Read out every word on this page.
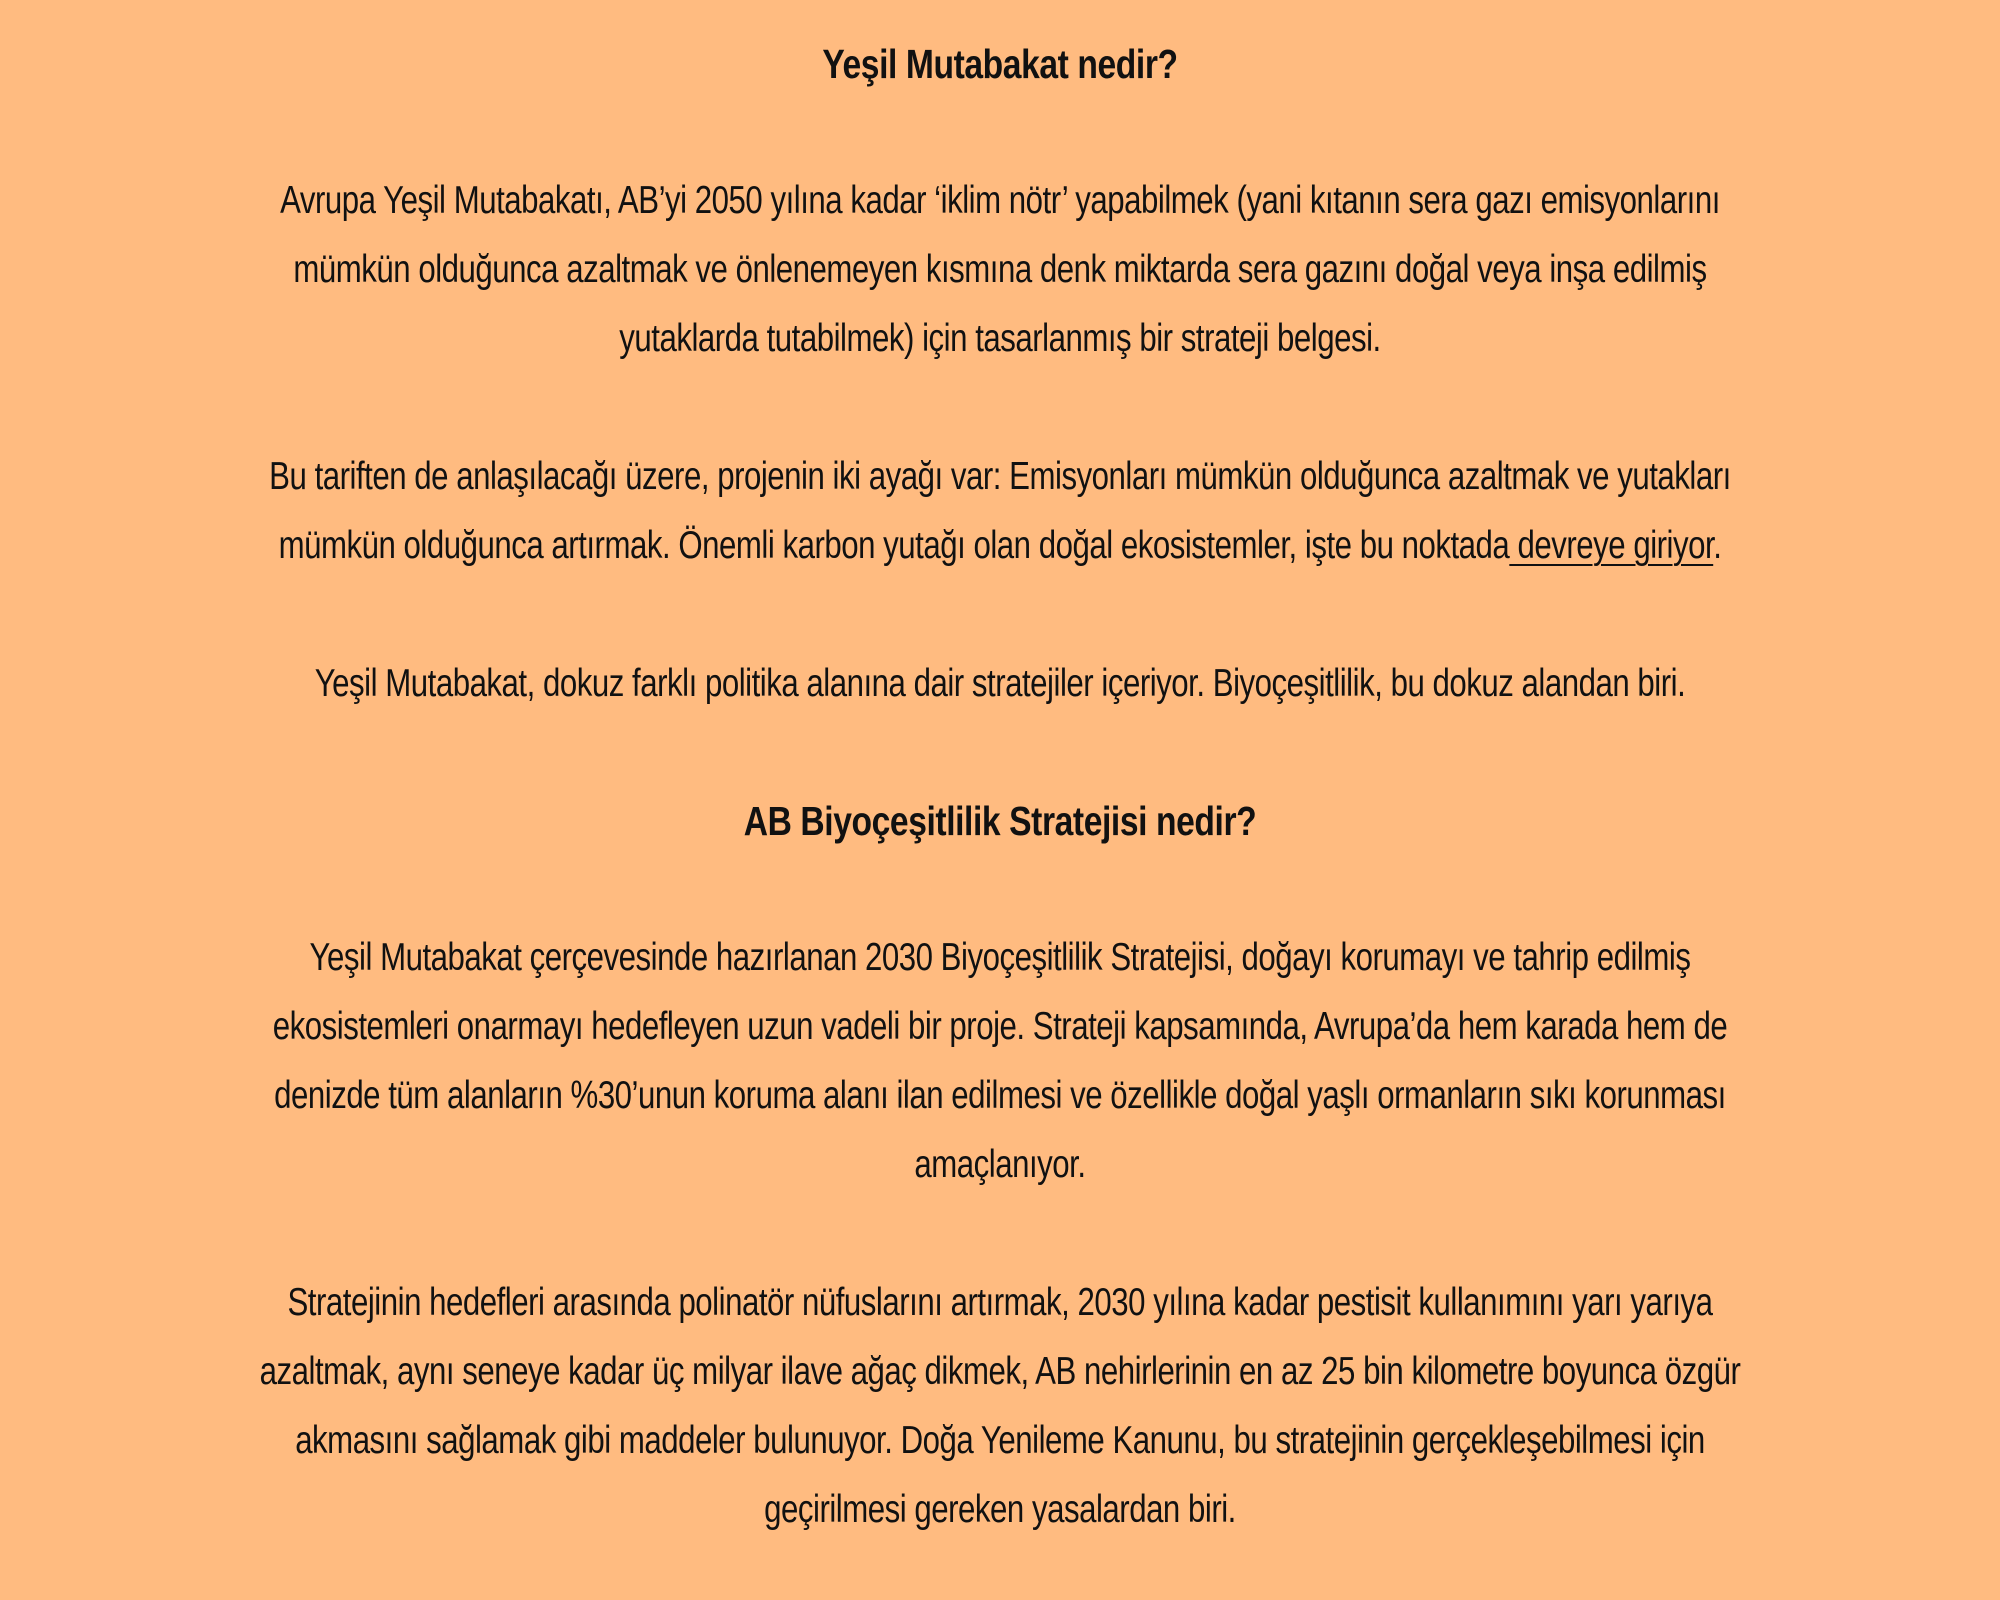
Yeşil Mutabakat nedir?

Avrupa Yeşil Mutabakatı, AB’yi 2050 yılına kadar ‘iklim nötr’ yapabilmek (yani kıtanın sera gazı emisyonlarını
mümkün olduğunca azaltmak ve önlenemeyen kısmına denk miktarda sera gazını doğal veya inşa edilmiş
yutaklarda tutabilmek) için tasarlanmış bir strateji belgesi.

Bu tariften de anlaşılacağı üzere, projenin iki ayağı var: Emisyonları mümkün olduğunca azaltmak ve yutakları
mümkün olduğunca artırmak. Önemli karbon yutağı olan doğal ekosistemler, işte bu noktada devreye giriyor.

Yeşil Mutabakat, dokuz farklı politika alanına dair stratejiler içeriyor. Biyoçeşitlilik, bu dokuz alandan biri.

AB Biyoçeşitlilik Stratejisi nedir?

Yeşil Mutabakat çerçevesinde hazırlanan 2030 Biyoçeşitlilik Stratejisi, doğayı korumayı ve tahrip edilmiş
ekosistemleri onarmayı hedefleyen uzun vadeli bir proje. Strateji kapsamında, Avrupa’da hem karada hem de
denizde tüm alanların %30’unun koruma alanı ilan edilmesi ve özellikle doğal yaşlı ormanların sıkı korunması
amaçlanıyor.

Stratejinin hedefleri arasında polinatör nüfuslarını artırmak, 2030 yılına kadar pestisit kullanımını yarı yarıya
azaltmak, aynı seneye kadar üç milyar ilave ağaç dikmek, AB nehirlerinin en az 25 bin kilometre boyunca özgür
akmasını sağlamak gibi maddeler bulunuyor. Doğa Yenileme Kanunu, bu stratejinin gerçekleşebilmesi için
geçirilmesi gereken yasalardan biri.
